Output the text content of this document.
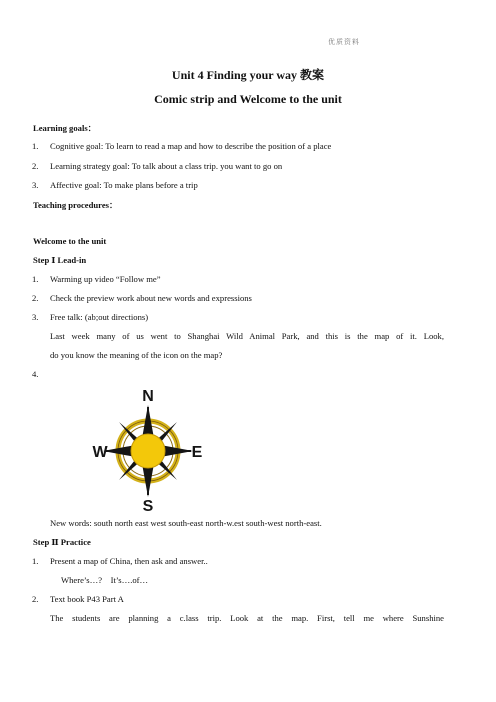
优质资料
Unit 4 Finding your way 教案
Comic strip and Welcome to the unit
Learning goals：
1. Cognitive goal: To learn to read a map and how to describe the position of a place
2. Learning strategy goal: To talk about a class trip. you want to go on
3. Affective goal: To make plans before a trip
Teaching procedures：
Welcome to the unit
Step Ⅰ Lead-in
1. Warming up video “Follow me”
2. Check the preview work about new words and expressions
3. Free talk: (ab;out directions)
Last week many of us went to Shanghai Wild Animal Park, and this is the map of it. Look,
do you know the meaning of the icon on the map?
4.
N
S
E
W
New words: south north east west south-east north-w.est south-west north-east.
Step Ⅱ Practice
1. Present a map of China, then ask and answer..
Where’s…?    It’s….of…
2. Text book P43 Part A
The students are planning a c.lass trip. Look at the map. First, tell me where Sunshine
